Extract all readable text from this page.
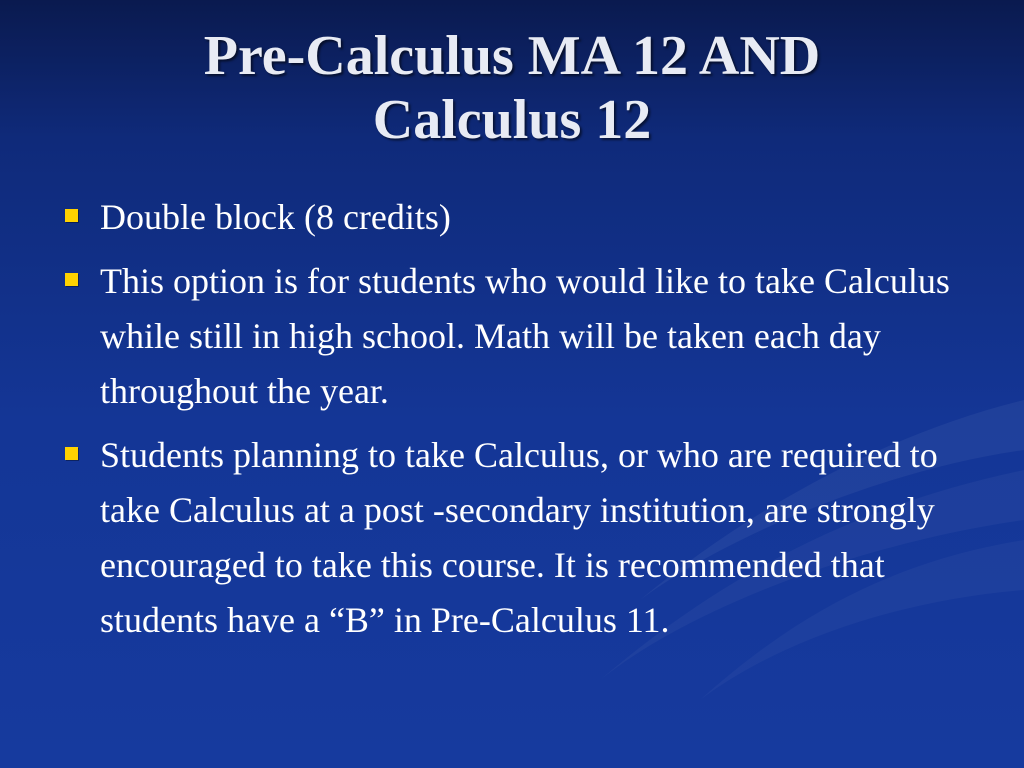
Pre-Calculus MA 12 AND
Calculus 12
Double block (8 credits)
This option is for students who would like to take Calculus while still in high school. Math will be taken each day throughout the year.
Students planning to take Calculus, or who are required to take Calculus at a post -secondary institution, are strongly encouraged to take this course. It is recommended that students have a “B” in Pre-Calculus 11.
